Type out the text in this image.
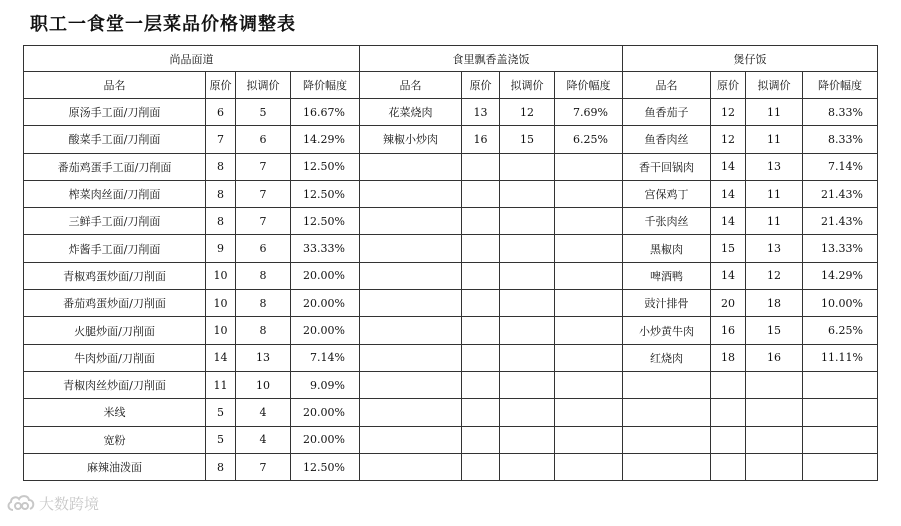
职工一食堂一层菜品价格调整表
尚品面道				食里飘香盖浇饭				煲仔饭			
品名	原价	拟调价	降价幅度	品名	原价	拟调价	降价幅度	品名	原价	拟调价	降价幅度
原汤手工面/刀削面	6	5	16.67%	花菜烧肉	13	12	7.69%	鱼香茄子	12	11	8.33%
酸菜手工面/刀削面	7	6	14.29%	辣椒小炒肉	16	15	6.25%	鱼香肉丝	12	11	8.33%
番茄鸡蛋手工面/刀削面	8	7	12.50%					香干回锅肉	14	13	7.14%
榨菜肉丝面/刀削面	8	7	12.50%					宫保鸡丁	14	11	21.43%
三鲜手工面/刀削面	8	7	12.50%					千张肉丝	14	11	21.43%
炸酱手工面/刀削面	9	6	33.33%					黑椒肉	15	13	13.33%
青椒鸡蛋炒面/刀削面	10	8	20.00%					啤酒鸭	14	12	14.29%
番茄鸡蛋炒面/刀削面	10	8	20.00%					豉汁排骨	20	18	10.00%
火腿炒面/刀削面	10	8	20.00%					小炒黄牛肉	16	15	6.25%
牛肉炒面/刀削面	14	13	7.14%					红烧肉	18	16	11.11%
青椒肉丝炒面/刀削面	11	10	9.09%								
米线	5	4	20.00%								
宽粉	5	4	20.00%								
麻辣油泼面	8	7	12.50%								
大数跨境
